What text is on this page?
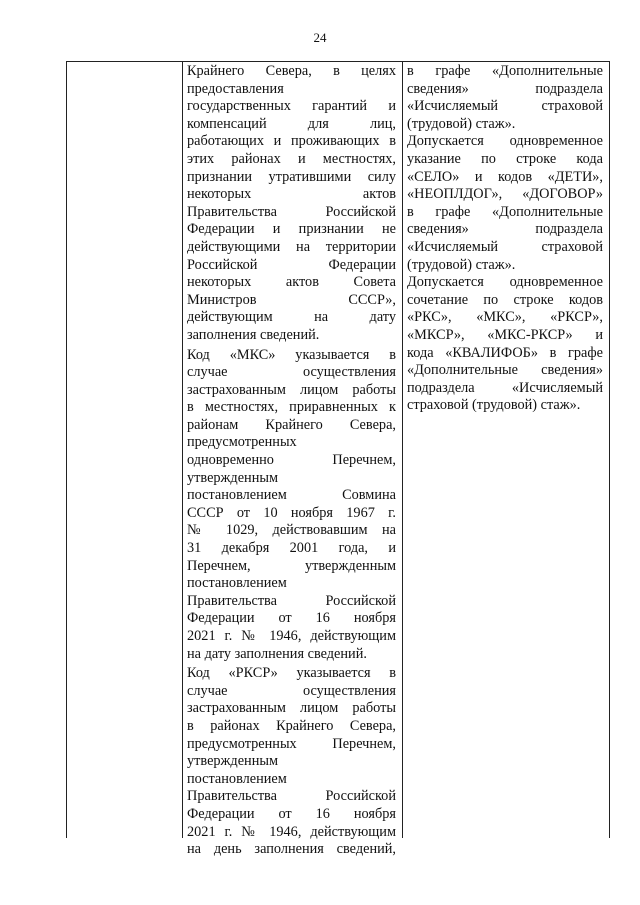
24
Крайнего Севера, в целях
предоставления
государственных гарантий и
компенсаций для лиц,
работающих и проживающих в
этих районах и местностях,
признании утратившими силу
некоторых актов
Правительства Российской
Федерации и признании не
действующими на территории
Российской Федерации
некоторых актов Совета
Министров СССР»,
действующим на дату
заполнения сведений.
Код «МКС» указывается в
случае осуществления
застрахованным лицом работы
в местностях, приравненных к
районам Крайнего Севера,
предусмотренных
одновременно Перечнем,
утвержденным
постановлением Совмина
СССР от 10 ноября 1967 г.
№ 1029, действовавшим на
31 декабря 2001 года, и
Перечнем, утвержденным
постановлением
Правительства Российской
Федерации от 16 ноября
2021 г. № 1946, действующим
на дату заполнения сведений.
Код «РКСР» указывается в
случае осуществления
застрахованным лицом работы
в районах Крайнего Севера,
предусмотренных Перечнем,
утвержденным
постановлением
Правительства Российской
Федерации от 16 ноября
2021 г. № 1946, действующим
на день заполнения сведений,
в графе «Дополнительные
сведения» подраздела
«Исчисляемый страховой
(трудовой) стаж».
Допускается одновременное
указание по строке кода
«СЕЛО» и кодов «ДЕТИ»,
«НЕОПЛДОГ», «ДОГОВОР»
в графе «Дополнительные
сведения» подраздела
«Исчисляемый страховой
(трудовой) стаж».
Допускается одновременное
сочетание по строке кодов
«РКС», «МКС», «РКСР»,
«МКСР», «МКС-РКСР» и
кода «КВАЛИФОБ» в графе
«Дополнительные сведения»
подраздела «Исчисляемый
страховой (трудовой) стаж».
